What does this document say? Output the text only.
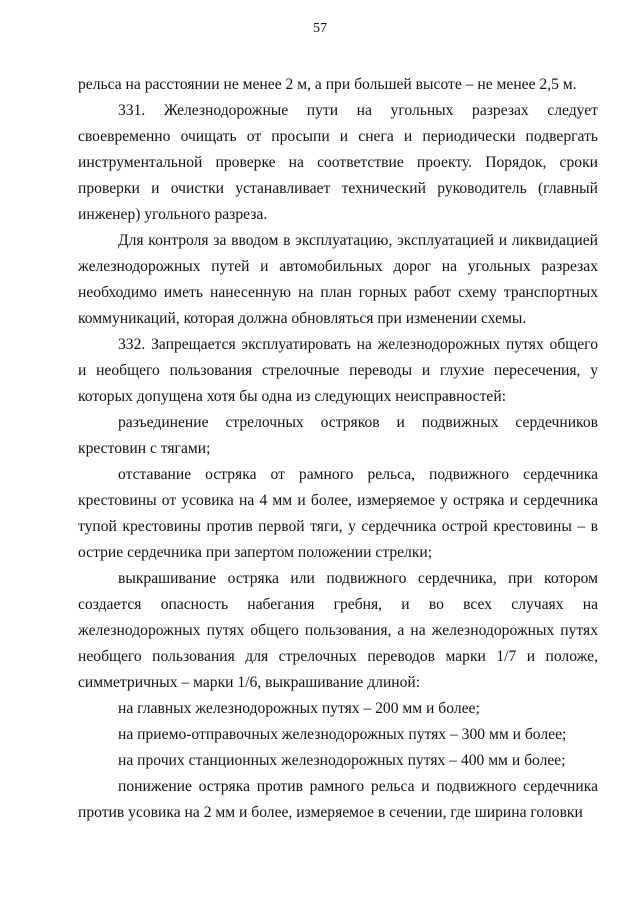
57

рельса на расстоянии не менее 2 м, а при большей высоте – не менее 2,5 м.

331. Железнодорожные пути на угольных разрезах следует своевременно очищать от просыпи и снега и периодически подвергать инструментальной проверке на соответствие проекту. Порядок, сроки проверки и очистки устанавливает технический руководитель (главный инженер) угольного разреза.

Для контроля за вводом в эксплуатацию, эксплуатацией и ликвидацией железнодорожных путей и автомобильных дорог на угольных разрезах необходимо иметь нанесенную на план горных работ схему транспортных коммуникаций, которая должна обновляться при изменении схемы.

332. Запрещается эксплуатировать на железнодорожных путях общего и необщего пользования стрелочные переводы и глухие пересечения, у которых допущена хотя бы одна из следующих неисправностей:

разъединение стрелочных остряков и подвижных сердечников крестовин с тягами;

отставание остряка от рамного рельса, подвижного сердечника крестовины от усовика на 4 мм и более, измеряемое у остряка и сердечника тупой крестовины против первой тяги, у сердечника острой крестовины – в острие сердечника при запертом положении стрелки;

выкрашивание остряка или подвижного сердечника, при котором создается опасность набегания гребня, и во всех случаях на железнодорожных путях общего пользования, а на железнодорожных путях необщего пользования для стрелочных переводов марки 1/7 и положе, симметричных – марки 1/6, выкрашивание длиной:

на главных железнодорожных путях – 200 мм и более;

на приемо-отправочных железнодорожных путях – 300 мм и более;

на прочих станционных железнодорожных путях – 400 мм и более;

понижение остряка против рамного рельса и подвижного сердечника против усовика на 2 мм и более, измеряемое в сечении, где ширина головки
